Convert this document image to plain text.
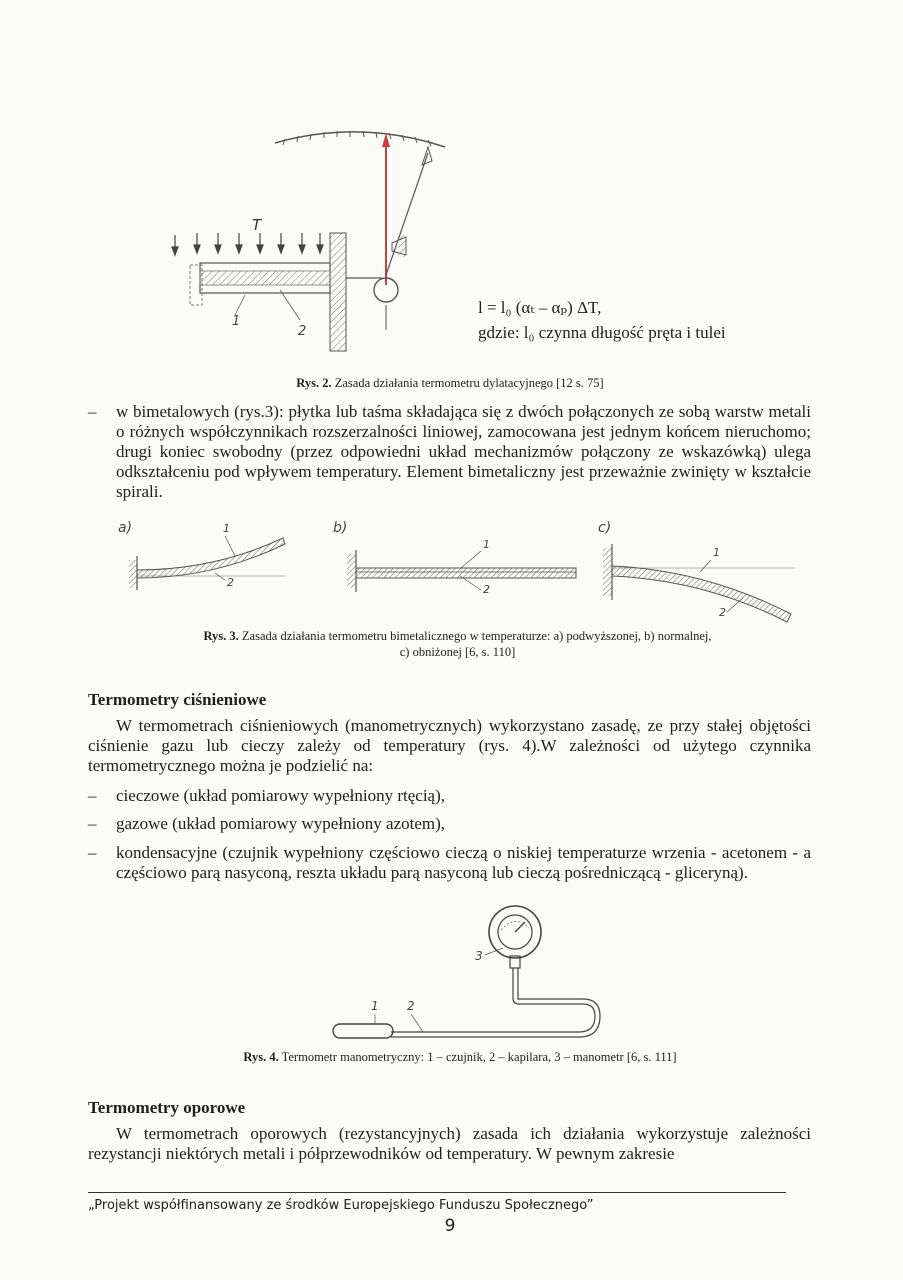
T
1
2
l = l₀ (αₜ – αₚ) ΔT,
gdzie: l₀ czynna długość pręta i tulei
Rys. 2. Zasada działania termometru dylatacyjnego [12 s. 75]
– w bimetalowych (rys.3): płytka lub taśma składająca się z dwóch połączonych ze sobą warstw metali o różnych współczynnikach rozszerzalności liniowej, zamocowana jest jednym końcem nieruchomo; drugi koniec swobodny (przez odpowiedni układ mechanizmów połączony ze wskazówką) ulega odkształceniu pod wpływem temperatury. Element bimetaliczny jest przeważnie zwinięty w kształcie spirali.
a)	1
2
b)
1
2
c)
1
2
Rys. 3. Zasada działania termometru bimetalicznego w temperaturze: a) podwyższonej, b) normalnej,
c) obniżonej [6, s. 110]
Termometry ciśnieniowe
W termometrach ciśnieniowych (manometrycznych) wykorzystano zasadę, ze przy stałej objętości ciśnienie gazu lub cieczy zależy od temperatury (rys. 4).W zależności od użytego czynnika termometrycznego można je podzielić na:
– cieczowe (układ pomiarowy wypełniony rtęcią),
– gazowe (układ pomiarowy wypełniony azotem),
– kondensacyjne (czujnik wypełniony częściowo cieczą o niskiej temperaturze wrzenia - acetonem - a częściowo parą nasyconą, reszta układu parą nasyconą lub cieczą pośredniczącą - gliceryną).
3
1 2
Rys. 4. Termometr manometryczny: 1 – czujnik, 2 – kapilara, 3 – manometr [6, s. 111]
Termometry oporowe
W termometrach oporowych (rezystancyjnych) zasada ich działania wykorzystuje zależności rezystancji niektórych metali i półprzewodników od temperatury. W pewnym zakresie
„Projekt współfinansowany ze środków Europejskiego Funduszu Społecznego”
9
